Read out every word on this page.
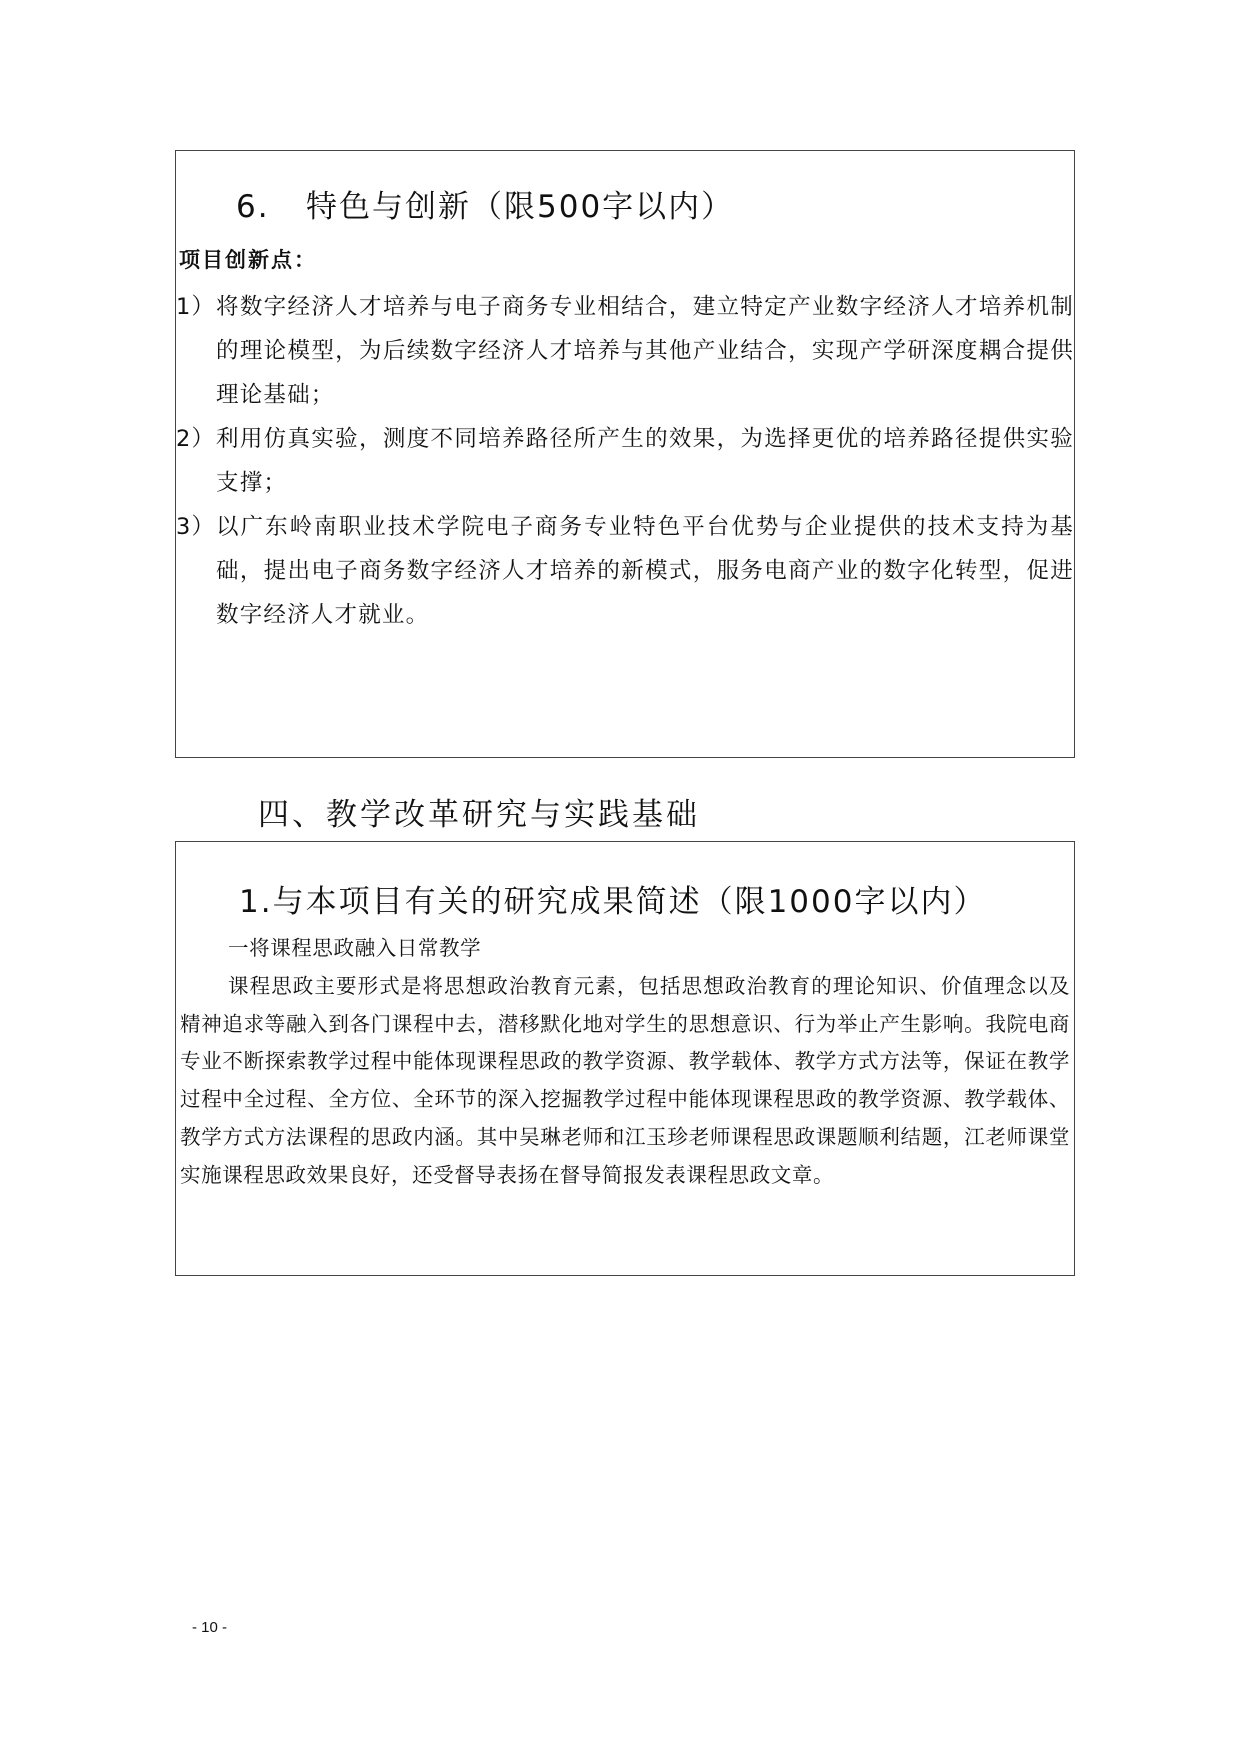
6. 特色与创新（限500字以内）

项目创新点：

1） 将数字经济人才培养与电子商务专业相结合，建立特定产业数字经济人才培养机制的理论模型，为后续数字经济人才培养与其他产业结合，实现产学研深度耦合提供理论基础；
2） 利用仿真实验，测度不同培养路径所产生的效果，为选择更优的培养路径提供实验支撑；
3） 以广东岭南职业技术学院电子商务专业特色平台优势与企业提供的技术支持为基础，提出电子商务数字经济人才培养的新模式，服务电商产业的数字化转型，促进数字经济人才就业。
四、教学改革研究与实践基础
1.与本项目有关的研究成果简述（限1000字以内）

一将课程思政融入日常教学

课程思政主要形式是将思想政治教育元素，包括思想政治教育的理论知识、价值理念以及精神追求等融入到各门课程中去，潜移默化地对学生的思想意识、行为举止产生影响。我院电商专业不断探索教学过程中能体现课程思政的教学资源、教学载体、教学方式方法等，保证在教学过程中全过程、全方位、全环节的深入挖掘教学过程中能体现课程思政的教学资源、教学载体、教学方式方法课程的思政内涵。其中吴琳老师和江玉珍老师课程思政课题顺利结题，江老师课堂实施课程思政效果良好，还受督导表扬在督导简报发表课程思政文章。

- 10 -
